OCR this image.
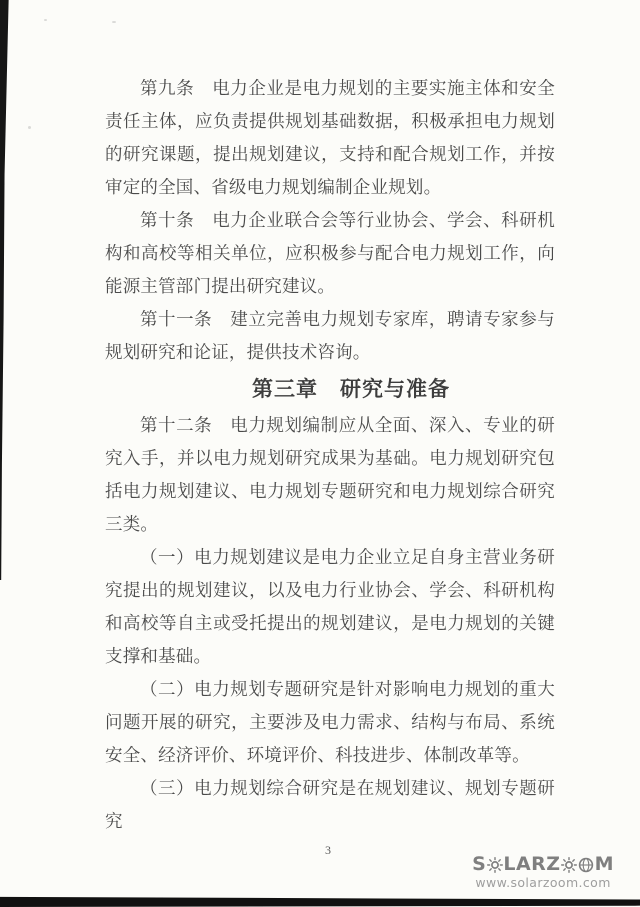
第九条　电力企业是电力规划的主要实施主体和安全责任主体，应负责提供规划基础数据，积极承担电力规划的研究课题，提出规划建议，支持和配合规划工作，并按审定的全国、省级电力规划编制企业规划。

第十条　电力企业联合会等行业协会、学会、科研机构和高校等相关单位，应积极参与配合电力规划工作，向能源主管部门提出研究建议。

第十一条　建立完善电力规划专家库，聘请专家参与规划研究和论证，提供技术咨询。

第三章　研究与准备

第十二条　电力规划编制应从全面、深入、专业的研究入手，并以电力规划研究成果为基础。电力规划研究包括电力规划建议、电力规划专题研究和电力规划综合研究三类。

（一）电力规划建议是电力企业立足自身主营业务研究提出的规划建议，以及电力行业协会、学会、科研机构和高校等自主或受托提出的规划建议，是电力规划的关键支撑和基础。

（二）电力规划专题研究是针对影响电力规划的重大问题开展的研究，主要涉及电力需求、结构与布局、系统安全、经济评价、环境评价、科技进步、体制改革等。

（三）电力规划综合研究是在规划建议、规划专题研究

3
S LARZ M
www.solarzoom.com
